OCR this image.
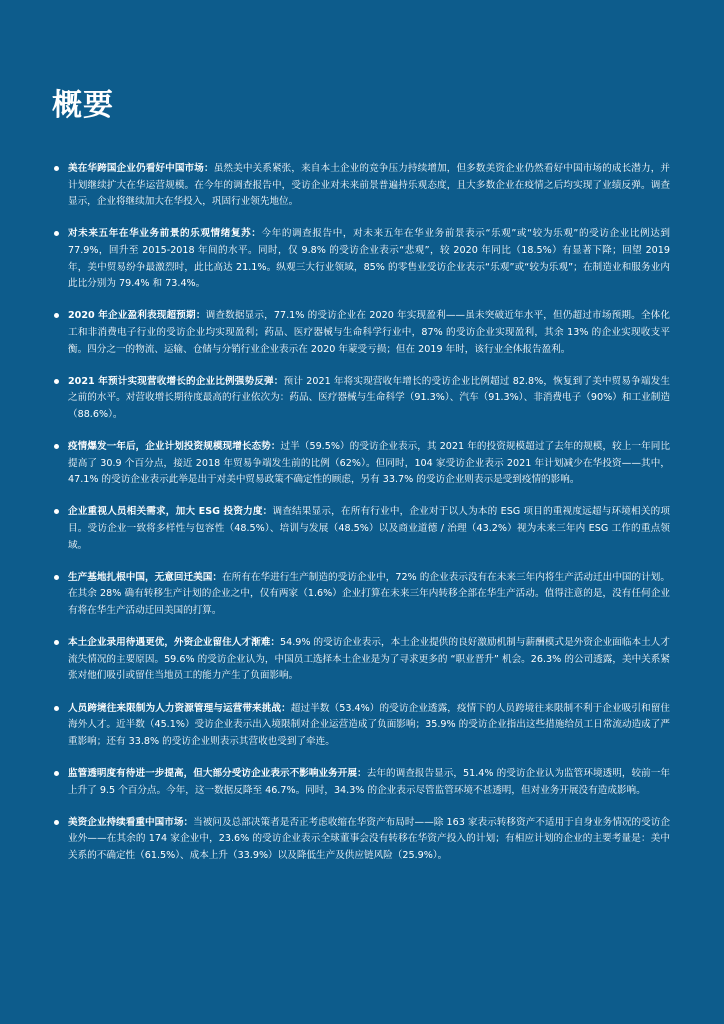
概要
美在华跨国企业仍看好中国市场：虽然美中关系紧张，来自本土企业的竞争压力持续增加，但多数美资企业仍然看好中国市场的成长潜力，并计划继续扩大在华运营规模。在今年的调查报告中，受访企业对未来前景普遍持乐观态度，且大多数企业在疫情之后均实现了业绩反弹。调查显示，企业将继续加大在华投入，巩固行业领先地位。
对未来五年在华业务前景的乐观情绪复苏：今年的调查报告中，对未来五年在华业务前景表示“乐观”或“较为乐观”的受访企业比例达到 77.9%，回升至 2015-2018 年间的水平。同时，仅 9.8% 的受访企业表示“悲观”，较 2020 年同比（18.5%）有显著下降；回望 2019 年，美中贸易纷争最激烈时，此比高达 21.1%。纵观三大行业领域，85% 的零售业受访企业表示“乐观”或“较为乐观”；在制造业和服务业内此比分别为 79.4% 和 73.4%。
2020 年企业盈利表现超预期：调查数据显示，77.1% 的受访企业在 2020 年实现盈利——虽未突破近年水平，但仍超过市场预期。全体化工和非消费电子行业的受访企业均实现盈利；药品、医疗器械与生命科学行业中，87% 的受访企业实现盈利，其余 13% 的企业实现收支平衡。四分之一的物流、运输、仓储与分销行业企业表示在 2020 年蒙受亏损；但在 2019 年时，该行业全体报告盈利。
2021 年预计实现营收增长的企业比例强势反弹：预计 2021 年将实现营收年增长的受访企业比例超过 82.8%，恢复到了美中贸易争端发生之前的水平。对营收增长期待度最高的行业依次为：药品、医疗器械与生命科学（91.3%）、汽车（91.3%）、非消费电子（90%）和工业制造（88.6%）。
疫情爆发一年后，企业计划投资规模现增长态势：过半（59.5%）的受访企业表示，其 2021 年的投资规模超过了去年的规模，较上一年同比提高了 30.9 个百分点，接近 2018 年贸易争端发生前的比例（62%）。但同时，104 家受访企业表示 2021 年计划减少在华投资——其中，47.1% 的受访企业表示此举是出于对美中贸易政策不确定性的顾虑，另有 33.7% 的受访企业则表示是受到疫情的影响。
企业重视人员相关需求，加大 ESG 投资力度：调查结果显示，在所有行业中，企业对于以人为本的 ESG 项目的重视度远超与环境相关的项目。受访企业一致将多样性与包容性（48.5%）、培训与发展（48.5%）以及商业道德 / 治理（43.2%）视为未来三年内 ESG 工作的重点领域。
生产基地扎根中国，无意回迁美国：在所有在华进行生产制造的受访企业中，72% 的企业表示没有在未来三年内将生产活动迁出中国的计划。在其余 28% 确有转移生产计划的企业之中，仅有两家（1.6%）企业打算在未来三年内转移全部在华生产活动。值得注意的是，没有任何企业有将在华生产活动迁回美国的打算。
本土企业录用待遇更优，外资企业留住人才渐难：54.9% 的受访企业表示，本土企业提供的良好激励机制与薪酬模式是外资企业面临本土人才流失情况的主要原因。59.6% 的受访企业认为，中国员工选择本土企业是为了寻求更多的 “职业晋升” 机会。26.3% 的公司透露，美中关系紧张对他们吸引或留住当地员工的能力产生了负面影响。
人员跨境往来限制为人力资源管理与运营带来挑战：超过半数（53.4%）的受访企业透露，疫情下的人员跨境往来限制不利于企业吸引和留住海外人才。近半数（45.1%）受访企业表示出入境限制对企业运营造成了负面影响；35.9% 的受访企业指出这些措施给员工日常流动造成了严重影响；还有 33.8% 的受访企业则表示其营收也受到了牵连。
监管透明度有待进一步提高，但大部分受访企业表示不影响业务开展：去年的调查报告显示，51.4% 的受访企业认为监管环境透明，较前一年上升了 9.5 个百分点。今年，这一数据反降至 46.7%。同时，34.3% 的企业表示尽管监管环境不甚透明，但对业务开展没有造成影响。
美资企业持续看重中国市场：当被问及总部决策者是否正考虑收缩在华资产布局时——除 163 家表示转移资产不适用于自身业务情况的受访企业外——在其余的 174 家企业中，23.6% 的受访企业表示全球董事会没有转移在华资产投入的计划；有相应计划的企业的主要考量是：美中关系的不确定性（61.5%）、成本上升（33.9%）以及降低生产及供应链风险（25.9%）。
